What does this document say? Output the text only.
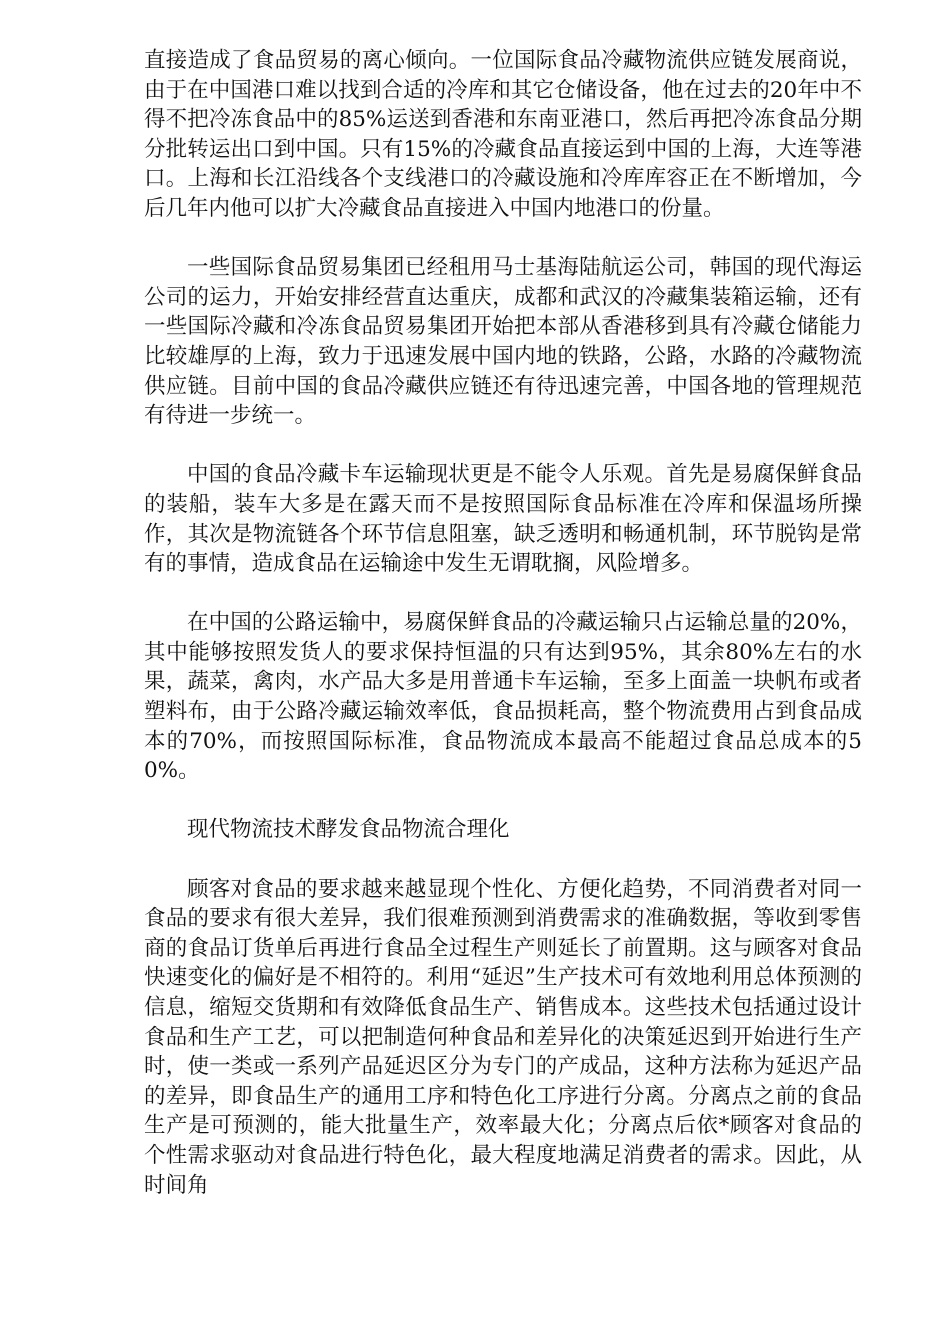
直接造成了食品贸易的离心倾向。一位国际食品冷藏物流供应链发展商说，由于在中国港口难以找到合适的冷库和其它仓储设备，他在过去的20年中不得不把冷冻食品中的85%运送到香港和东南亚港口，然后再把冷冻食品分期分批转运出口到中国。只有15%的冷藏食品直接运到中国的上海，大连等港口。上海和长江沿线各个支线港口的冷藏设施和冷库库容正在不断增加，今后几年内他可以扩大冷藏食品直接进入中国内地港口的份量。

一些国际食品贸易集团已经租用马士基海陆航运公司，韩国的现代海运公司的运力，开始安排经营直达重庆，成都和武汉的冷藏集装箱运输，还有一些国际冷藏和冷冻食品贸易集团开始把本部从香港移到具有冷藏仓储能力比较雄厚的上海，致力于迅速发展中国内地的铁路，公路，水路的冷藏物流供应链。目前中国的食品冷藏供应链还有待迅速完善，中国各地的管理规范有待进一步统一。

中国的食品冷藏卡车运输现状更是不能令人乐观。首先是易腐保鲜食品的装船，装车大多是在露天而不是按照国际食品标准在冷库和保温场所操作，其次是物流链各个环节信息阻塞，缺乏透明和畅通机制，环节脱钩是常有的事情，造成食品在运输途中发生无谓耽搁，风险增多。

在中国的公路运输中，易腐保鲜食品的冷藏运输只占运输总量的20%，其中能够按照发货人的要求保持恒温的只有达到95%，其余80%左右的水果，蔬菜，禽肉，水产品大多是用普通卡车运输，至多上面盖一块帆布或者塑料布，由于公路冷藏运输效率低，食品损耗高，整个物流费用占到食品成本的70%，而按照国际标准，食品物流成本最高不能超过食品总成本的50%。

现代物流技术酵发食品物流合理化

顾客对食品的要求越来越显现个性化、方便化趋势，不同消费者对同一食品的要求有很大差异，我们很难预测到消费需求的准确数据，等收到零售商的食品订货单后再进行食品全过程生产则延长了前置期。这与顾客对食品快速变化的偏好是不相符的。利用“延迟”生产技术可有效地利用总体预测的信息，缩短交货期和有效降低食品生产、销售成本。这些技术包括通过设计食品和生产工艺，可以把制造何种食品和差异化的决策延迟到开始进行生产时，使一类或一系列产品延迟区分为专门的产成品，这种方法称为延迟产品的差异，即食品生产的通用工序和特色化工序进行分离。分离点之前的食品生产是可预测的，能大批量生产，效率最大化；分离点后依*顾客对食品的个性需求驱动对食品进行特色化，最大程度地满足消费者的需求。因此，从时间角
